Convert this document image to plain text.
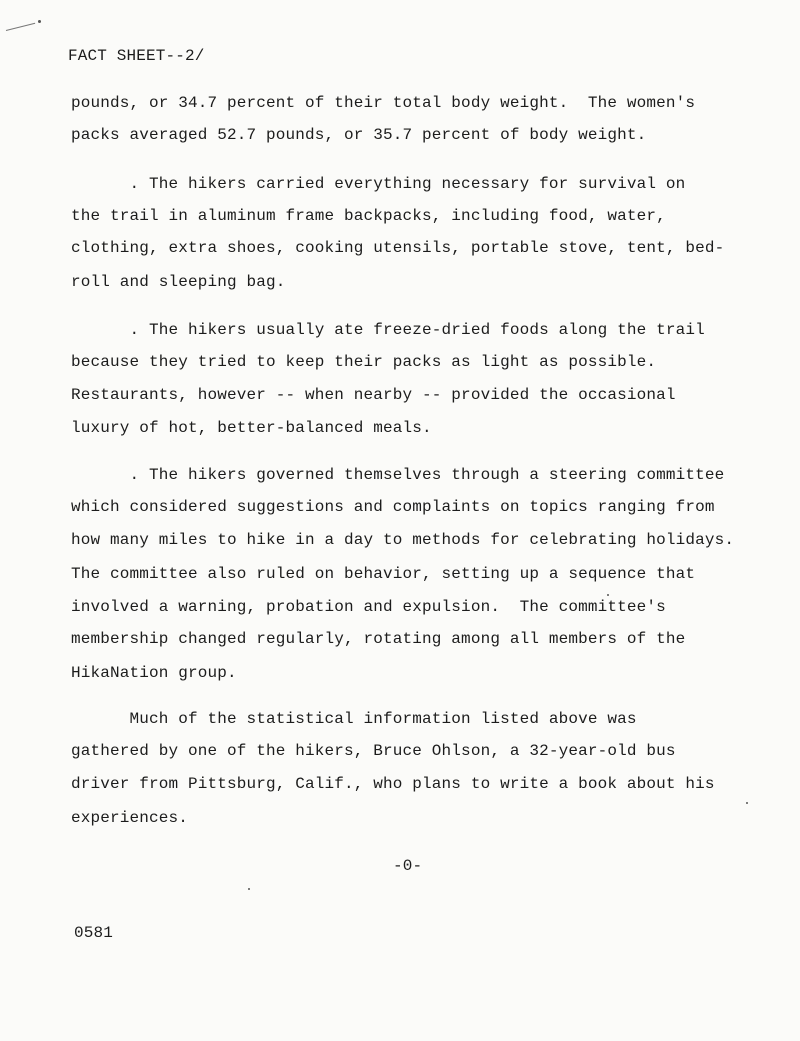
FACT SHEET--2/
pounds, or 34.7 percent of their total body weight.  The women's
packs averaged 52.7 pounds, or 35.7 percent of body weight.
. The hikers carried everything necessary for survival on
the trail in aluminum frame backpacks, including food, water,
clothing, extra shoes, cooking utensils, portable stove, tent, bed-
roll and sleeping bag.
. The hikers usually ate freeze-dried foods along the trail
because they tried to keep their packs as light as possible.
Restaurants, however -- when nearby -- provided the occasional
luxury of hot, better-balanced meals.
. The hikers governed themselves through a steering committee
which considered suggestions and complaints on topics ranging from
how many miles to hike in a day to methods for celebrating holidays.
The committee also ruled on behavior, setting up a sequence that
involved a warning, probation and expulsion.  The committee's
membership changed regularly, rotating among all members of the
HikaNation group.
Much of the statistical information listed above was
gathered by one of the hikers, Bruce Ohlson, a 32-year-old bus
driver from Pittsburg, Calif., who plans to write a book about his
experiences.
-0-
0581
